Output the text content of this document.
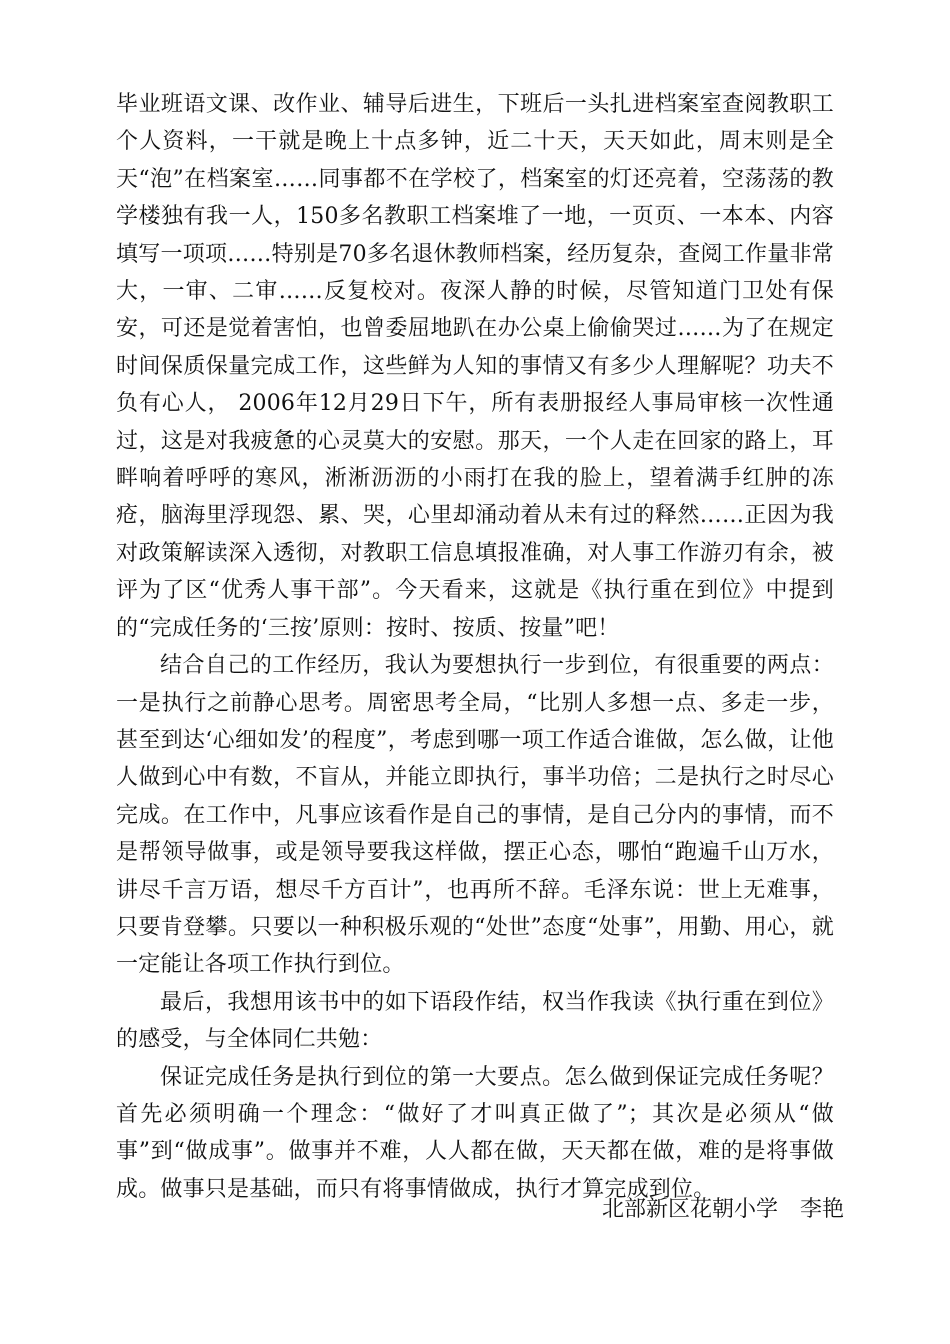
毕业班语文课、改作业、辅导后进生，下班后一头扎进档案室查阅教职工个人资料，一干就是晚上十点多钟，近二十天，天天如此，周末则是全天“泡”在档案室……同事都不在学校了，档案室的灯还亮着，空荡荡的教学楼独有我一人，150多名教职工档案堆了一地，一页页、一本本、内容填写一项项……特别是70多名退休教师档案，经历复杂，查阅工作量非常大，一审、二审……反复校对。夜深人静的时候，尽管知道门卫处有保安，可还是觉着害怕，也曾委屈地趴在办公桌上偷偷哭过……为了在规定时间保质保量完成工作，这些鲜为人知的事情又有多少人理解呢？功夫不负有心人， 2006年12月29日下午，所有表册报经人事局审核一次性通过，这是对我疲惫的心灵莫大的安慰。那天，一个人走在回家的路上，耳畔响着呼呼的寒风，淅淅沥沥的小雨打在我的脸上，望着满手红肿的冻疮，脑海里浮现怨、累、哭，心里却涌动着从未有过的释然……正因为我对政策解读深入透彻，对教职工信息填报准确，对人事工作游刃有余，被评为了区“优秀人事干部”。今天看来，这就是《执行重在到位》中提到的“完成任务的‘三按’原则：按时、按质、按量”吧！

结合自己的工作经历，我认为要想执行一步到位，有很重要的两点：一是执行之前静心思考。周密思考全局，“比别人多想一点、多走一步，甚至到达‘心细如发’的程度”，考虑到哪一项工作适合谁做，怎么做，让他人做到心中有数，不盲从，并能立即执行，事半功倍；二是执行之时尽心完成。在工作中，凡事应该看作是自己的事情，是自己分内的事情，而不是帮领导做事，或是领导要我这样做，摆正心态，哪怕“跑遍千山万水，讲尽千言万语，想尽千方百计”，也再所不辞。毛泽东说：世上无难事，只要肯登攀。只要以一种积极乐观的“处世”态度“处事”，用勤、用心，就一定能让各项工作执行到位。

最后，我想用该书中的如下语段作结，权当作我读《执行重在到位》的感受，与全体同仁共勉：

保证完成任务是执行到位的第一大要点。怎么做到保证完成任务呢？首先必须明确一个理念：“做好了才叫真正做了”；其次是必须从“做事”到“做成事”。做事并不难，人人都在做，天天都在做，难的是将事做成。做事只是基础，而只有将事情做成，执行才算完成到位。

北部新区花朝小学　李艳
